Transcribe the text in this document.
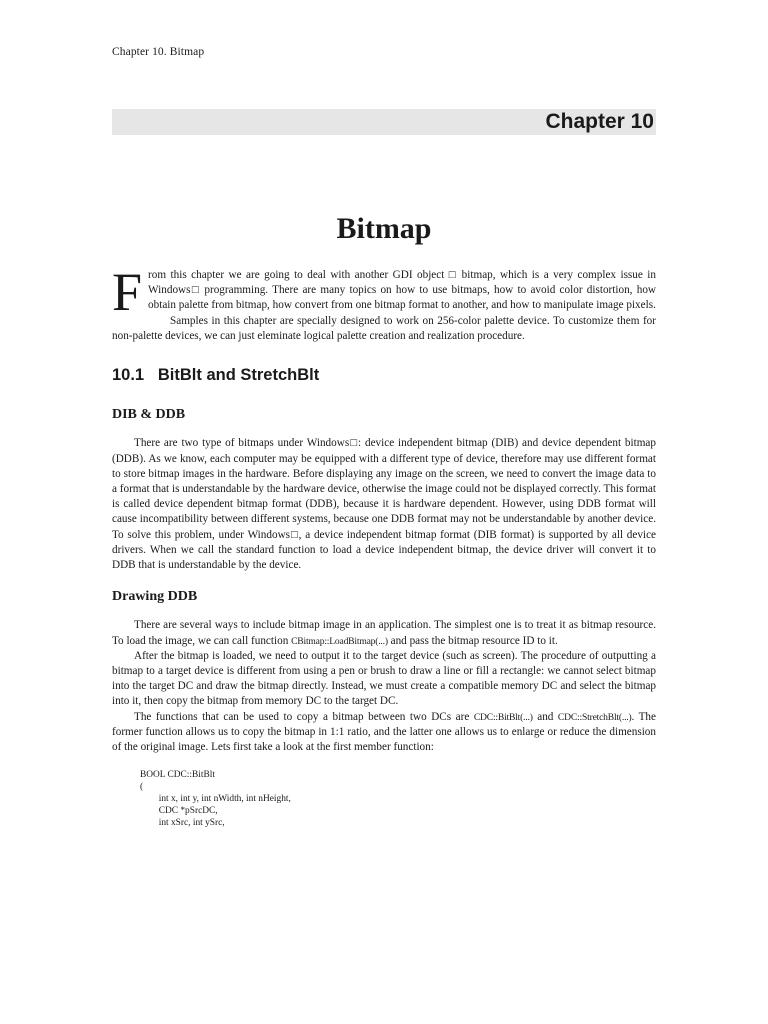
Chapter 10. Bitmap
Chapter 10
Bitmap

From this chapter we are going to deal with another GDI object □ bitmap, which is a very complex issue in Windows□ programming. There are many topics on how to use bitmaps, how to avoid color distortion, how obtain palette from bitmap, how convert from one bitmap format to another, and how to manipulate image pixels.

Samples in this chapter are specially designed to work on 256-color palette device. To customize them for non-palette devices, we can just eleminate logical palette creation and realization procedure.

10.1 BitBlt and StretchBlt
DIB & DDB

There are two type of bitmaps under Windows□: device independent bitmap (DIB) and device dependent bitmap (DDB). As we know, each computer may be equipped with a different type of device, therefore may use different format to store bitmap images in the hardware. Before displaying any image on the screen, we need to convert the image data to a format that is understandable by the hardware device, otherwise the image could not be displayed correctly. This format is called device dependent bitmap format (DDB), because it is hardware dependent. However, using DDB format will cause incompatibility between different systems, because one DDB format may not be understandable by another device. To solve this problem, under Windows□, a device independent bitmap format (DIB format) is supported by all device drivers. When we call the standard function to load a device independent bitmap, the device driver will convert it to DDB that is understandable by the device.

Drawing DDB

There are several ways to include bitmap image in an application. The simplest one is to treat it as bitmap resource. To load the image, we can call function CBitmap::LoadBitmap(...) and pass the bitmap resource ID to it.

After the bitmap is loaded, we need to output it to the target device (such as screen). The procedure of outputting a bitmap to a target device is different from using a pen or brush to draw a line or fill a rectangle: we cannot select bitmap into the target DC and draw the bitmap directly. Instead, we must create a compatible memory DC and select the bitmap into it, then copy the bitmap from memory DC to the target DC.

The functions that can be used to copy a bitmap between two DCs are CDC::BitBlt(...) and CDC::StretchBlt(...). The former function allows us to copy the bitmap in 1:1 ratio, and the latter one allows us to enlarge or reduce the dimension of the original image. Lets first take a look at the first member function:

BOOL CDC::BitBlt
(
int x, int y, int nWidth, int nHeight,
CDC *pSrcDC,
int xSrc, int ySrc,
